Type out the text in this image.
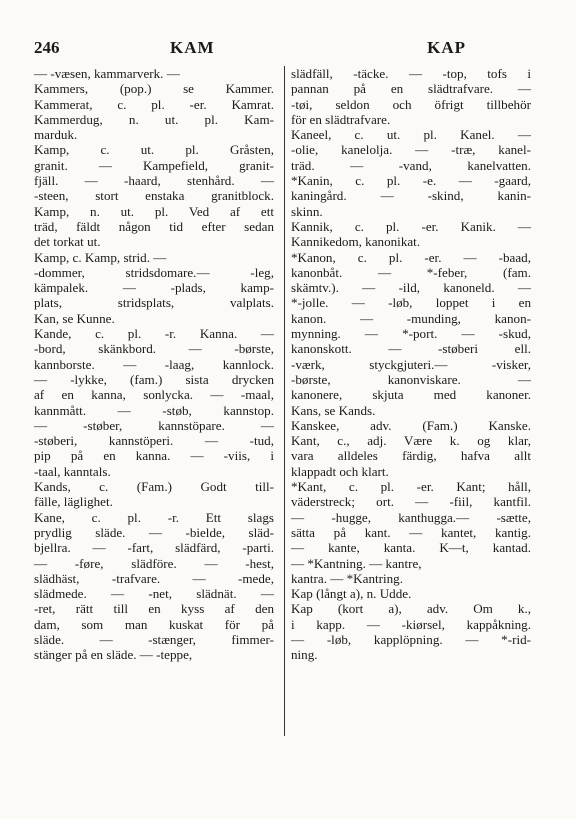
246	KAM	KAP
— -væsen, kammarverk. —
Kammers, (pop.) se Kammer.
Kammerat, c. pl. -er. Kamrat.
Kammerdug, n. ut. pl. Kam-
marduk.
Kamp, c. ut. pl. Gråsten,
granit. — Kampefield, granit-
fjäll. — -haard, stenhård. —
-steen, stort enstaka granitblock.
Kamp, n. ut. pl. Ved af ett
träd, fäldt någon tid efter sedan
det torkat ut.
Kamp, c. Kamp, strid. —
-dommer, stridsdomare.— -leg,
kämpalek. — -plads, kamp-
plats, stridsplats, valplats.
Kan, se Kunne.
Kande, c. pl. -r. Kanna. —
-bord, skänkbord. — -børste,
kannborste. — -laag, kannlock.
— -lykke, (fam.) sista drycken
af en kanna, sonlycka. — -maal,
kannmått. — -støb, kannstop.
— -støber, kannstöpare. —
-støberi, kannstöperi. — -tud,
pip på en kanna. — -viis, i
-taal, kanntals.
Kands, c. (Fam.) Godt till-
fälle, läglighet.
Kane, c. pl. -r. Ett slags
prydlig släde. — -bielde, släd-
bjellra. — -fart, slädfärd, -parti.
— -føre, slädföre. — -hest,
slädhäst, -trafvare. — -mede,
slädmede. — -net, slädnät. —
-ret, rätt till en kyss af den
dam, som man kuskat för på
släde. — -stænger, fimmer-
stänger på en släde. — -teppe,
slädfäll, -täcke. — -top, tofs i
pannan på en slädtrafvare. —
-tøi, seldon och öfrigt tillbehör
för en slädtrafvare.
Kaneel, c. ut. pl. Kanel. —
-olie, kanelolja. — -træ, kanel-
träd. — -vand, kanelvatten.
*Kanin, c. pl. -e. — -gaard,
kaningård. — -skind, kanin-
skinn.
Kannik, c. pl. -er. Kanik. —
Kannikedom, kanonikat.
*Kanon, c. pl. -er. — -baad,
kanonbåt. — *-feber, (fam.
skämtv.). — -ild, kanoneld. —
*-jolle. — -løb, loppet i en
kanon. — -munding, kanon-
mynning. — *-port. — -skud,
kanonskott. — -støberi ell.
-værk, styckgjuteri.— -visker,
-børste, kanonviskare. —
kanonere, skjuta med kanoner.
Kans, se Kands.
Kanskee, adv. (Fam.) Kanske.
Kant, c., adj. Være k. og klar,
vara alldeles färdig, hafva allt
klappadt och klart.
*Kant, c. pl. -er. Kant; håll,
väderstreck; ort. — -fiil, kantfil.
— -hugge, kanthugga.— -sætte,
sätta på kant. — kantet, kantig.
— kante, kanta. K—t, kantad.
— *Kantning. — kantre,
kantra. — *Kantring.
Kap (långt a), n. Udde.
Kap (kort a), adv. Om k.,
i kapp. — -kiørsel, kappåkning.
— -løb, kapplöpning. — *-rid-
ning.
